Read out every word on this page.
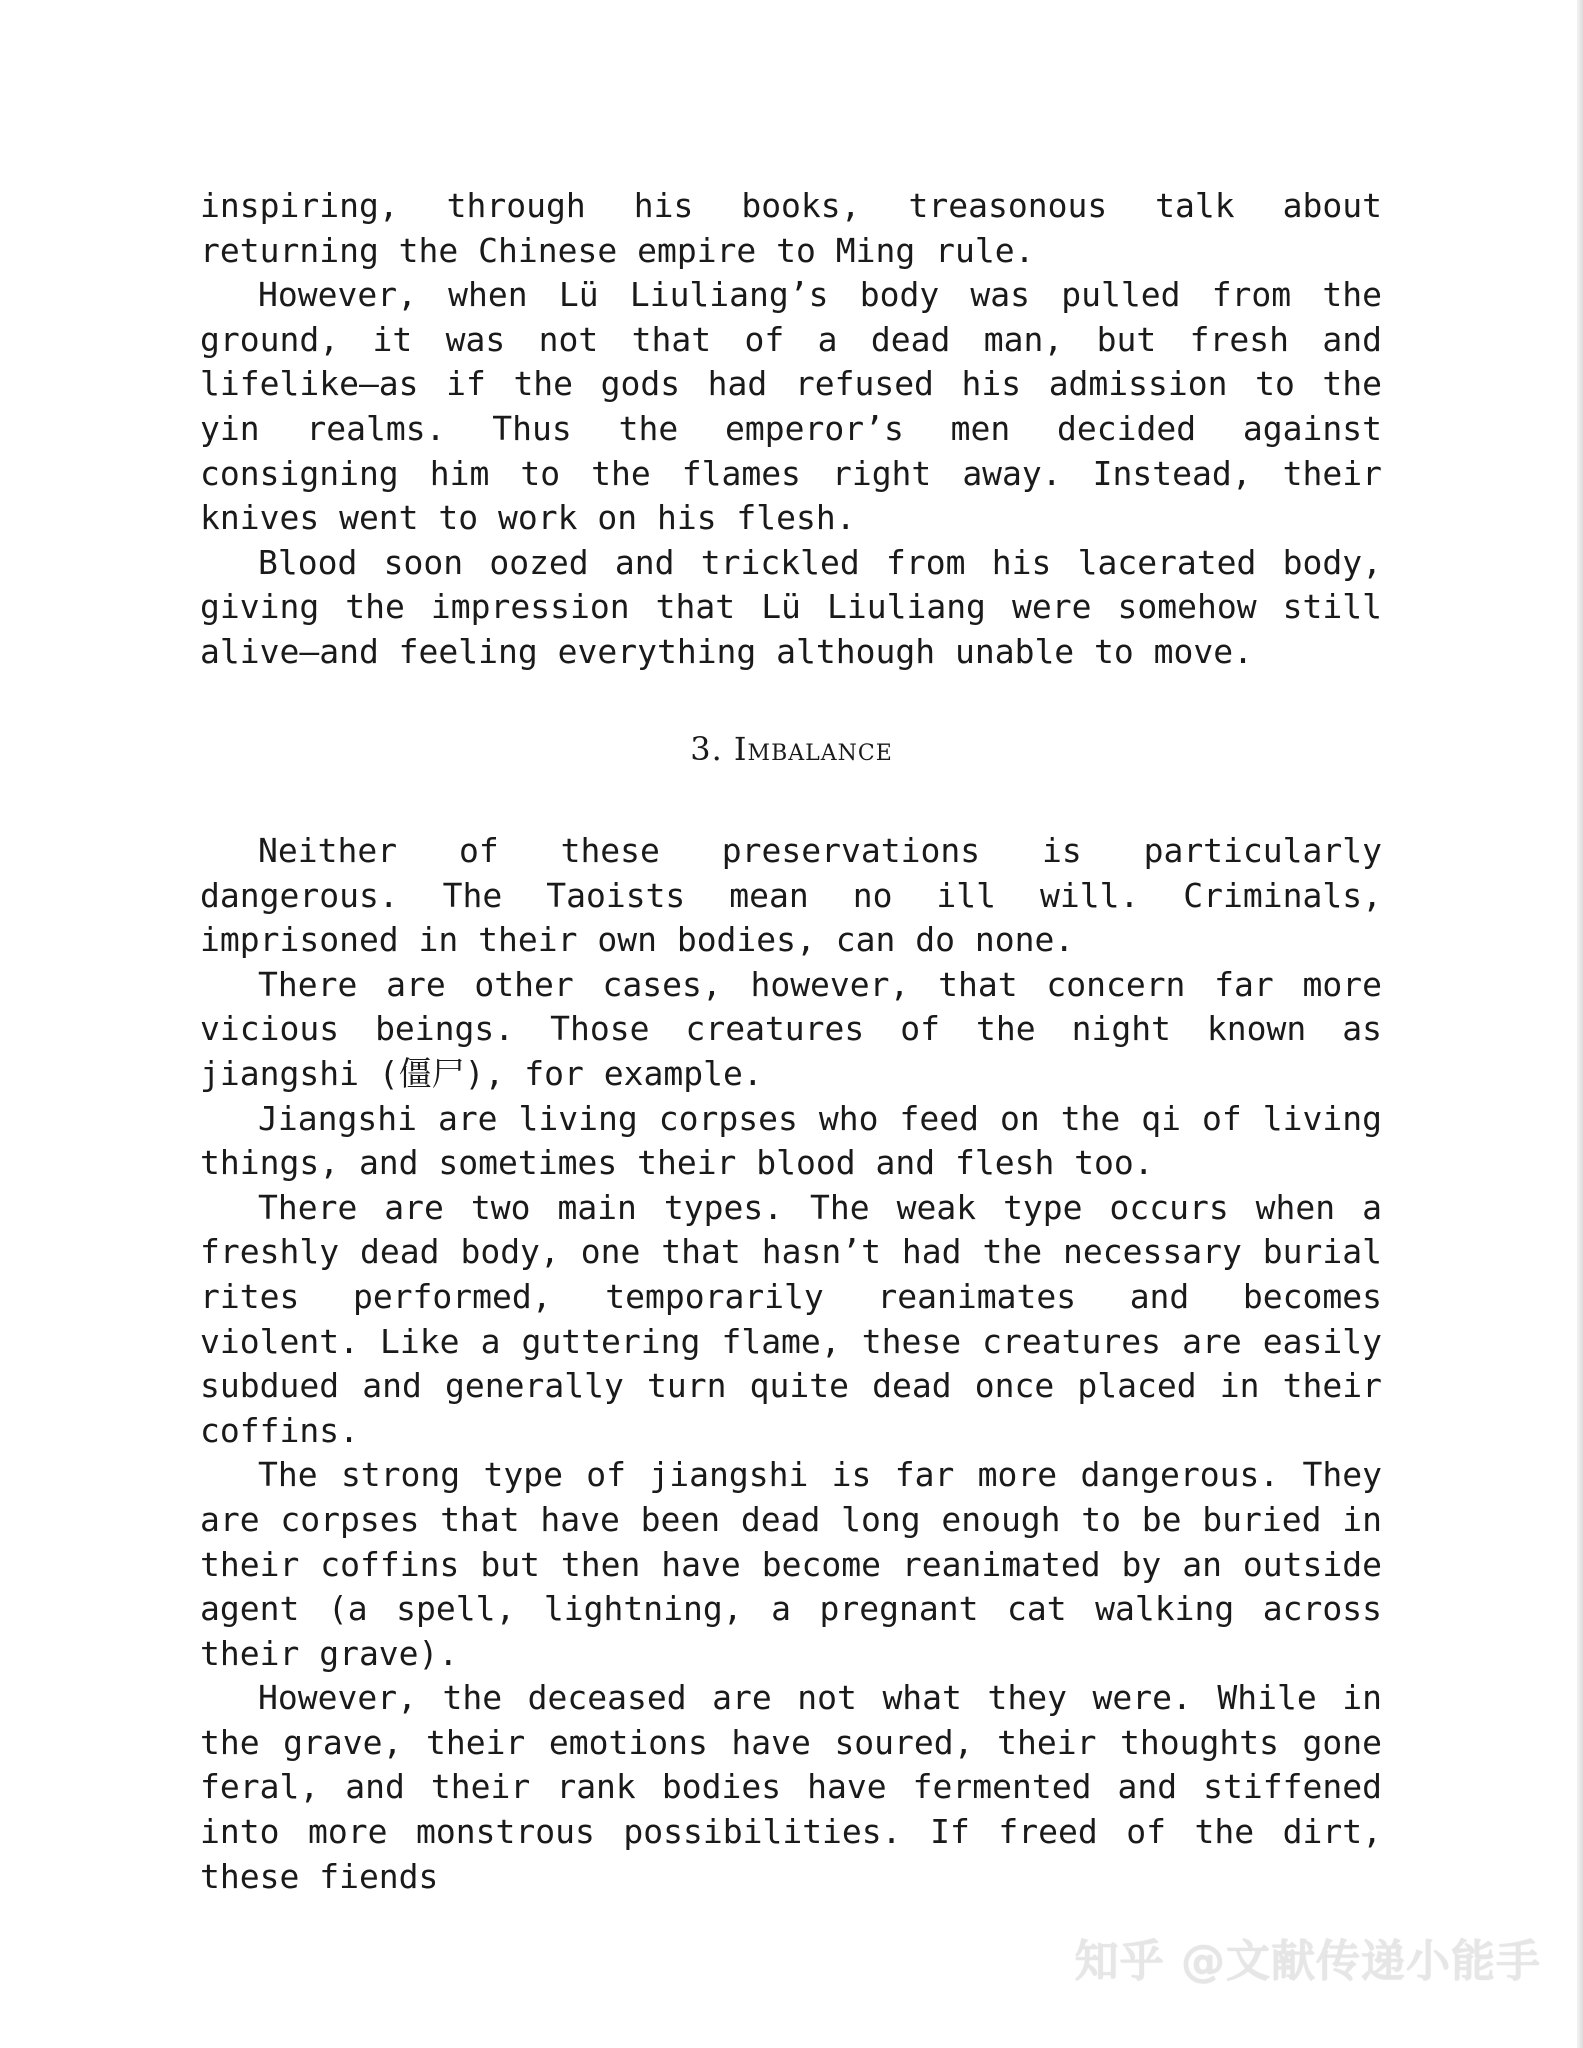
inspiring, through his books, treasonous talk about returning the Chinese empire to Ming rule.

However, when Lü Liuliang’s body was pulled from the ground, it was not that of a dead man, but fresh and lifelike—as if the gods had refused his admission to the yin realms. Thus the emperor’s men decided against consigning him to the flames right away. Instead, their knives went to work on his flesh.

Blood soon oozed and trickled from his lacerated body, giving the impression that Lü Liuliang were somehow still alive—and feeling everything although unable to move.

3. Imbalance

Neither of these preservations is particularly dangerous. The Taoists mean no ill will. Criminals, imprisoned in their own bodies, can do none.

There are other cases, however, that concern far more vicious beings. Those creatures of the night known as jiangshi (僵尸), for example.

Jiangshi are living corpses who feed on the qi of living things, and sometimes their blood and flesh too.

There are two main types. The weak type occurs when a freshly dead body, one that hasn’t had the necessary burial rites performed, temporarily reanimates and becomes violent. Like a guttering flame, these creatures are easily subdued and generally turn quite dead once placed in their coffins.

The strong type of jiangshi is far more dangerous. They are corpses that have been dead long enough to be buried in their coffins but then have become reanimated by an outside agent (a spell, lightning, a pregnant cat walking across their grave).

However, the deceased are not what they were. While in the grave, their emotions have soured, their thoughts gone feral, and their rank bodies have fermented and stiffened into more monstrous possibilities. If freed of the dirt, these fiends

知乎 @文献传递小能手
